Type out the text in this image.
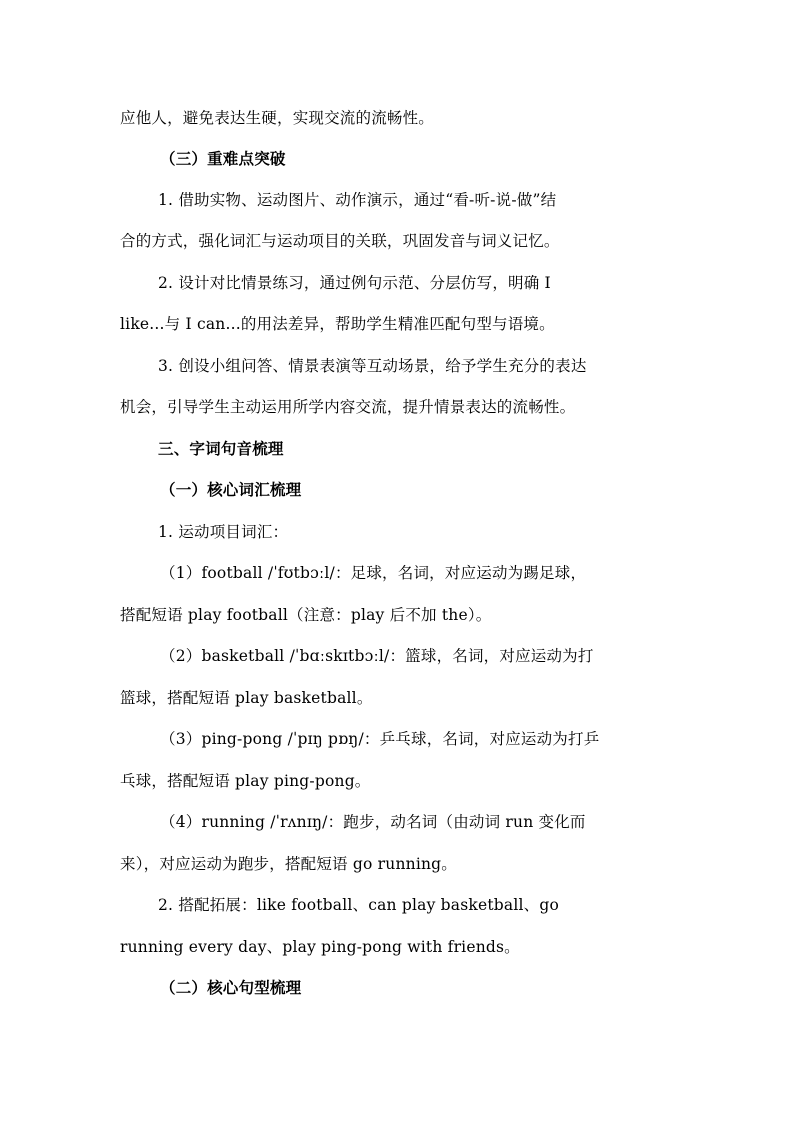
应他人，避免表达生硬，实现交流的流畅性。
（三）重难点突破
1. 借助实物、运动图片、动作演示，通过“看-听-说-做”结
合的方式，强化词汇与运动项目的关联，巩固发音与词义记忆。
2. 设计对比情景练习，通过例句示范、分层仿写，明确 I
like...与 I can...的用法差异，帮助学生精准匹配句型与语境。
3. 创设小组问答、情景表演等互动场景，给予学生充分的表达
机会，引导学生主动运用所学内容交流，提升情景表达的流畅性。
三、字词句音梳理
（一）核心词汇梳理
1. 运动项目词汇：
（1）football /ˈfʊtbɔːl/：足球，名词，对应运动为踢足球，
搭配短语 play football（注意：play 后不加 the）。
（2）basketball /ˈbɑːskɪtbɔːl/：篮球，名词，对应运动为打
篮球，搭配短语 play basketball。
（3）ping-pong /ˈpɪŋ pɒŋ/：乒乓球，名词，对应运动为打乒
乓球，搭配短语 play ping-pong。
（4）running /ˈrʌnɪŋ/：跑步，动名词（由动词 run 变化而
来），对应运动为跑步，搭配短语 go running。
2. 搭配拓展：like football、can play basketball、go
running every day、play ping-pong with friends。
（二）核心句型梳理
